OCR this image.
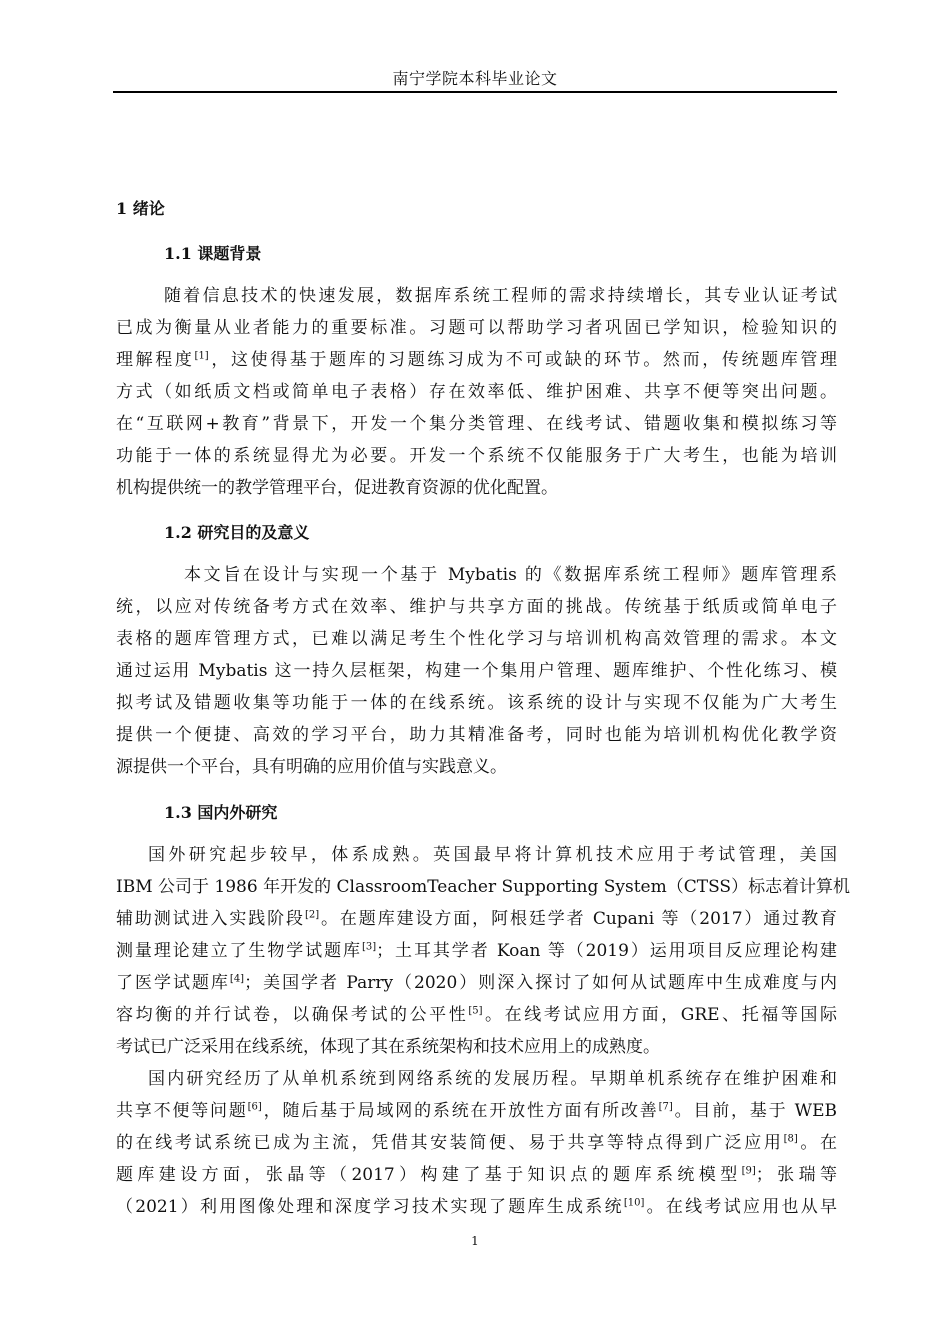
南宁学院本科毕业论文
1 绪论
1.1 课题背景
随着信息技术的快速发展，数据库系统工程师的需求持续增长，其专业认证考试
已成为衡量从业者能力的重要标准。习题可以帮助学习者巩固已学知识，检验知识的
理解程度[1]，这使得基于题库的习题练习成为不可或缺的环节。然而，传统题库管理
方式（如纸质文档或简单电子表格）存在效率低、维护困难、共享不便等突出问题。
在“互联网+教育”背景下，开发一个集分类管理、在线考试、错题收集和模拟练习等
功能于一体的系统显得尤为必要。开发一个系统不仅能服务于广大考生，也能为培训
机构提供统一的教学管理平台，促进教育资源的优化配置。
1.2 研究目的及意义
本文旨在设计与实现一个基于 Mybatis 的《数据库系统工程师》题库管理系
统，以应对传统备考方式在效率、维护与共享方面的挑战。传统基于纸质或简单电子
表格的题库管理方式，已难以满足考生个性化学习与培训机构高效管理的需求。本文
通过运用 Mybatis 这一持久层框架，构建一个集用户管理、题库维护、个性化练习、模
拟考试及错题收集等功能于一体的在线系统。该系统的设计与实现不仅能为广大考生
提供一个便捷、高效的学习平台，助力其精准备考，同时也能为培训机构优化教学资
源提供一个平台，具有明确的应用价值与实践意义。
1.3 国内外研究
国外研究起步较早，体系成熟。英国最早将计算机技术应用于考试管理，美国
IBM 公司于 1986 年开发的 ClassroomTeacher Supporting System（CTSS）标志着计算机
辅助测试进入实践阶段[2]。在题库建设方面，阿根廷学者 Cupani 等（2017）通过教育
测量理论建立了生物学试题库[3]；土耳其学者 Koan 等（2019）运用项目反应理论构建
了医学试题库[4]；美国学者 Parry（2020）则深入探讨了如何从试题库中生成难度与内
容均衡的并行试卷，以确保考试的公平性[5]。在线考试应用方面，GRE、托福等国际
考试已广泛采用在线系统，体现了其在系统架构和技术应用上的成熟度。
国内研究经历了从单机系统到网络系统的发展历程。早期单机系统存在维护困难和
共享不便等问题[6]，随后基于局域网的系统在开放性方面有所改善[7]。目前，基于 WEB
的在线考试系统已成为主流，凭借其安装简便、易于共享等特点得到广泛应用[8]。在
题库建设方面，张晶等（2017）构建了基于知识点的题库系统模型[9]；张瑞等
（2021）利用图像处理和深度学习技术实现了题库生成系统[10]。在线考试应用也从早
1
